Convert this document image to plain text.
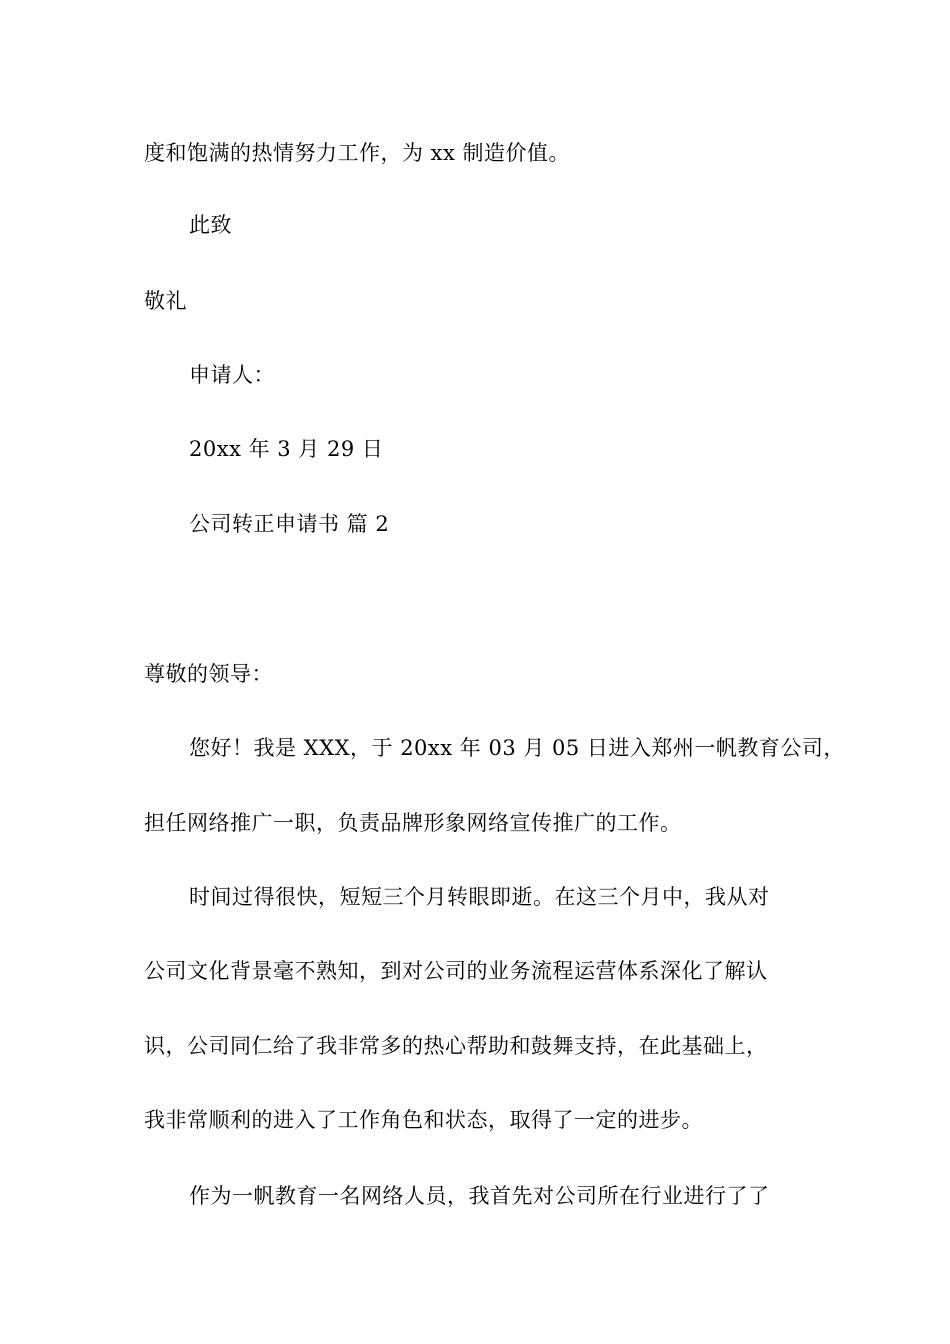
度和饱满的热情努力工作，为 xx 制造价值。
此致
敬礼
申请人：
20xx 年 3 月 29 日
公司转正申请书 篇 2
尊敬的领导：
您好！我是 XXX，于 20xx 年 03 月 05 日进入郑州一帆教育公司，
担任网络推广一职，负责品牌形象网络宣传推广的工作。
时间过得很快，短短三个月转眼即逝。在这三个月中，我从对
公司文化背景毫不熟知，到对公司的业务流程运营体系深化了解认
识，公司同仁给了我非常多的热心帮助和鼓舞支持，在此基础上，
我非常顺利的进入了工作角色和状态，取得了一定的进步。
作为一帆教育一名网络人员，我首先对公司所在行业进行了了
